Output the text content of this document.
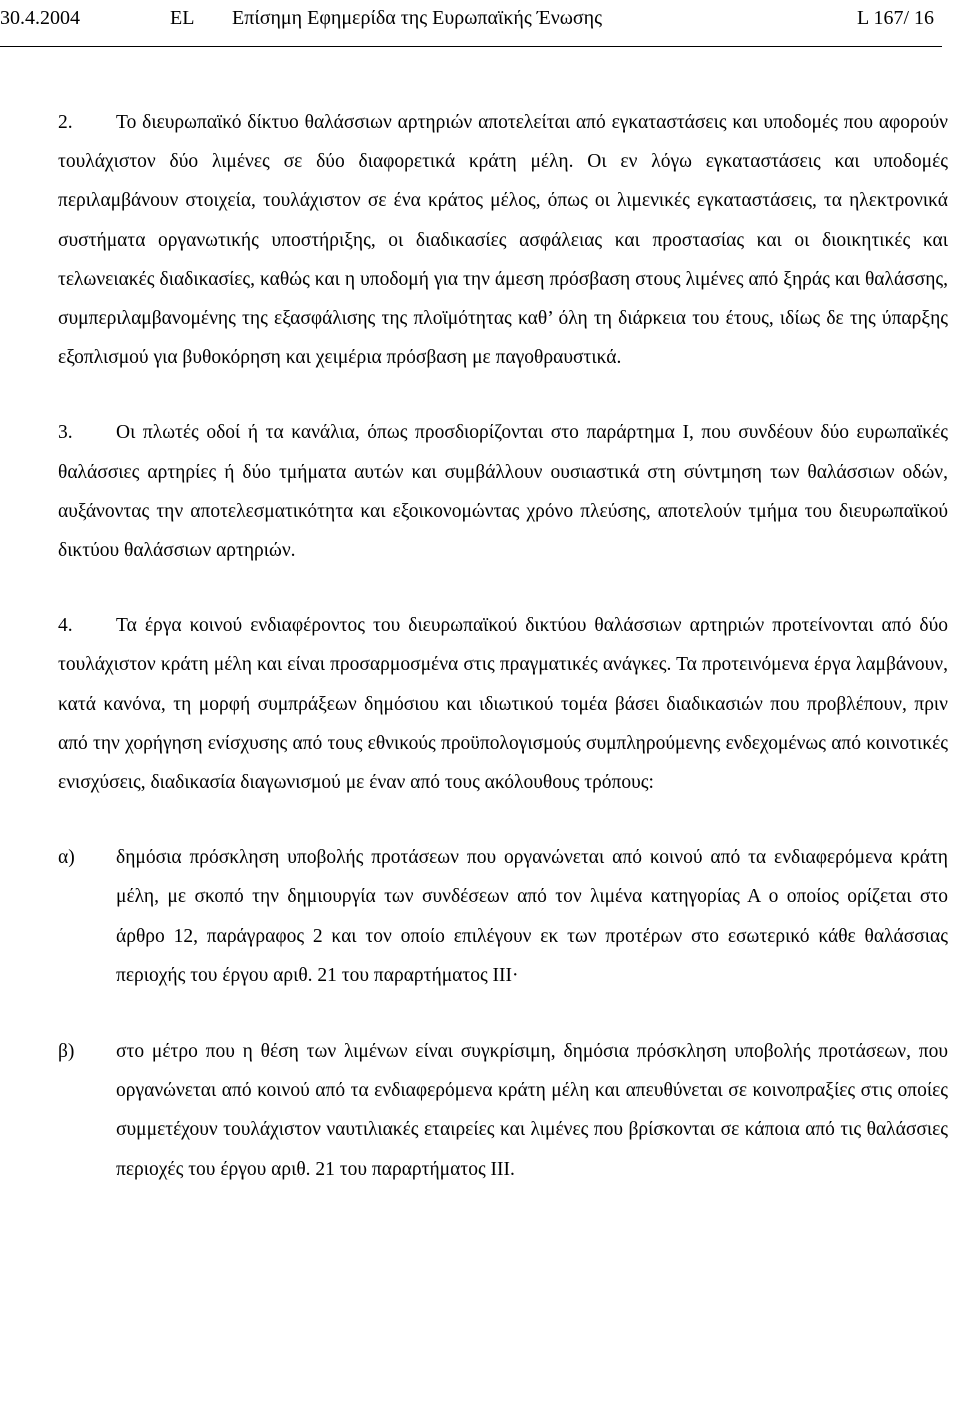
30.4.2004	EL Επίσημη Εφημερίδα της Ευρωπαϊκής Ένωσης	L 167/ 16

2. Το διευρωπαϊκό δίκτυο θαλάσσιων αρτηριών αποτελείται από εγκαταστάσεις και υποδομές που αφορούν τουλάχιστον δύο λιμένες σε δύο διαφορετικά κράτη μέλη. Οι εν λόγω εγκαταστάσεις και υποδομές περιλαμβάνουν στοιχεία, τουλάχιστον σε ένα κράτος μέλος, όπως οι λιμενικές εγκαταστάσεις, τα ηλεκτρονικά συστήματα οργανωτικής υποστήριξης, οι διαδικασίες ασφάλειας και προστασίας και οι διοικητικές και τελωνειακές διαδικασίες, καθώς και η υποδομή για την άμεση πρόσβαση στους λιμένες από ξηράς και θαλάσσης, συμπεριλαμβανομένης της εξασφάλισης της πλοϊμότητας καθ’ όλη τη διάρκεια του έτους, ιδίως δε της ύπαρξης εξοπλισμού για βυθοκόρηση και χειμέρια πρόσβαση με παγοθραυστικά.

3. Οι πλωτές οδοί ή τα κανάλια, όπως προσδιορίζονται στο παράρτημα I, που συνδέουν δύο ευρωπαϊκές θαλάσσιες αρτηρίες ή δύο τμήματα αυτών και συμβάλλουν ουσιαστικά στη σύντμηση των θαλάσσιων οδών, αυξάνοντας την αποτελεσματικότητα και εξοικονομώντας χρόνο πλεύσης, αποτελούν τμήμα του διευρωπαϊκού δικτύου θαλάσσιων αρτηριών.

4. Τα έργα κοινού ενδιαφέροντος του διευρωπαϊκού δικτύου θαλάσσιων αρτηριών προτείνονται από δύο τουλάχιστον κράτη μέλη και είναι προσαρμοσμένα στις πραγματικές ανάγκες. Τα προτεινόμενα έργα λαμβάνουν, κατά κανόνα, τη μορφή συμπράξεων δημόσιου και ιδιωτικού τομέα βάσει διαδικασιών που προβλέπουν, πριν από την χορήγηση ενίσχυσης από τους εθνικούς προϋπολογισμούς συμπληρούμενης ενδεχομένως από κοινοτικές ενισχύσεις, διαδικασία διαγωνισμού με έναν από τους ακόλουθους τρόπους:

α)	δημόσια πρόσκληση υποβολής προτάσεων που οργανώνεται από κοινού από τα ενδιαφερόμενα κράτη μέλη, με σκοπό την δημιουργία των συνδέσεων από τον λιμένα κατηγορίας Α ο οποίος ορίζεται στο άρθρο 12, παράγραφος 2 και τον οποίο επιλέγουν εκ των προτέρων στο εσωτερικό κάθε θαλάσσιας περιοχής του έργου αριθ. 21 του παραρτήματος III·
β)	στο μέτρο που η θέση των λιμένων είναι συγκρίσιμη, δημόσια πρόσκληση υποβολής προτάσεων, που οργανώνεται από κοινού από τα ενδιαφερόμενα κράτη μέλη και απευθύνεται σε κοινοπραξίες στις οποίες συμμετέχουν τουλάχιστον ναυτιλιακές εταιρείες και λιμένες που βρίσκονται σε κάποια από τις θαλάσσιες περιοχές του έργου αριθ. 21 του παραρτήματος III.
